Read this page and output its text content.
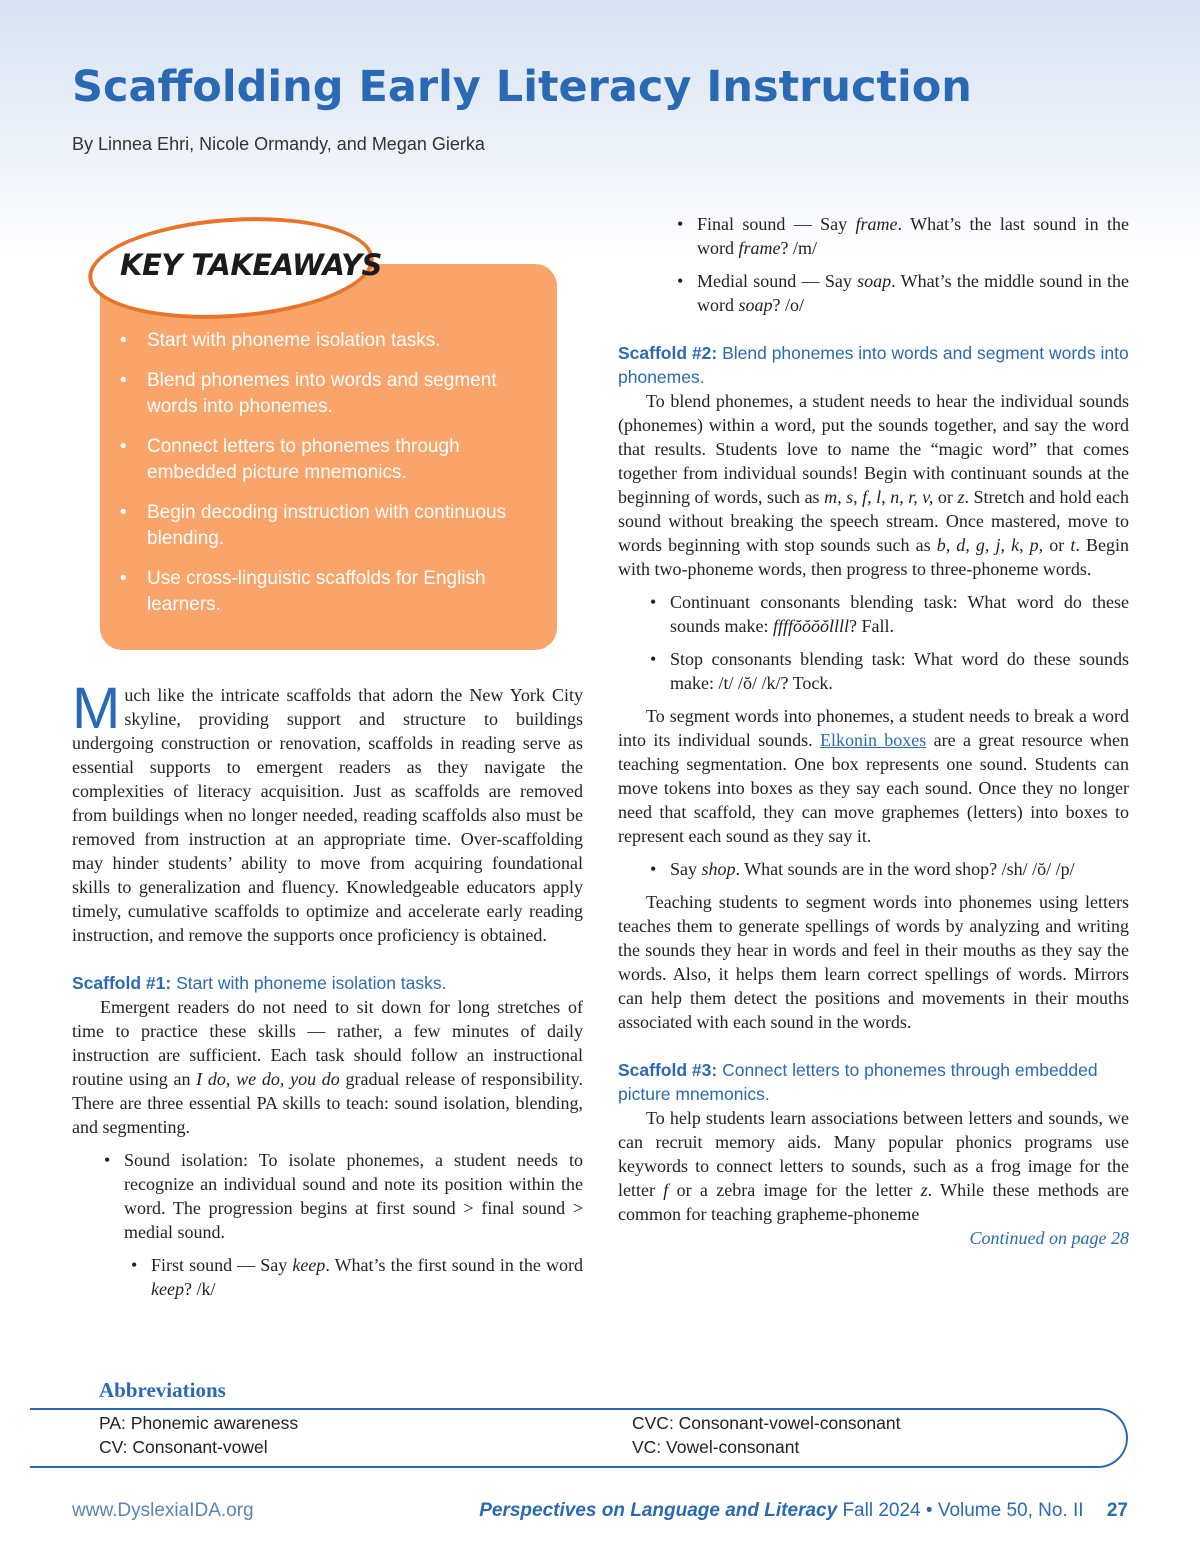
Scaffolding Early Literacy Instruction
By Linnea Ehri, Nicole Ormandy, and Megan Gierka
KEY TAKEAWAYS
• Start with phoneme isolation tasks.
• Blend phonemes into words and segment words into phonemes.
• Connect letters to phonemes through embedded picture mnemonics.
• Begin decoding instruction with continuous blending.
• Use cross-linguistic scaffolds for English learners.

Much like the intricate scaffolds that adorn the New York City skyline, providing support and structure to buildings undergoing construction or renovation, scaffolds in reading serve as essential supports to emergent readers as they navigate the complexities of literacy acquisition. Just as scaffolds are removed from buildings when no longer needed, reading scaffolds also must be removed from instruction at an appropriate time. Over-scaffolding may hinder students’ ability to move from acquiring foundational skills to generalization and fluency. Knowledgeable educators apply timely, cumulative scaffolds to optimize and accelerate early reading instruction, and remove the supports once proficiency is obtained.

Scaffold #1: Start with phoneme isolation tasks.

Emergent readers do not need to sit down for long stretches of time to practice these skills — rather, a few minutes of daily instruction are sufficient. Each task should follow an instructional routine using an I do, we do, you do gradual release of responsibility. There are three essential PA skills to teach: sound isolation, blending, and segmenting.

• Sound isolation: To isolate phonemes, a student needs to recognize an individual sound and note its position within the word. The progression begins at first sound > final sound > medial sound.
• First sound — Say keep. What’s the first sound in the word keep? /k/
• Final sound — Say frame. What’s the last sound in the word frame? /m/
• Medial sound — Say soap. What’s the middle sound in the word soap? /o/
Scaffold #2: Blend phonemes into words and segment words into phonemes.

To blend phonemes, a student needs to hear the individual sounds (phonemes) within a word, put the sounds together, and say the word that results. Students love to name the “magic word” that comes together from individual sounds! Begin with continuant sounds at the beginning of words, such as m, s, f, l, n, r, v, or z. Stretch and hold each sound without breaking the speech stream. Once mastered, move to words beginning with stop sounds such as b, d, g, j, k, p, or t. Begin with two-phoneme words, then progress to three-phoneme words.

• Continuant consonants blending task: What word do these sounds make: ffffŏŏŏŏllll? Fall.
• Stop consonants blending task: What word do these sounds make: /t/ /ŏ/ /k/? Tock.

To segment words into phonemes, a student needs to break a word into its individual sounds. Elkonin boxes are a great resource when teaching segmentation. One box represents one sound. Students can move tokens into boxes as they say each sound. Once they no longer need that scaffold, they can move graphemes (letters) into boxes to represent each sound as they say it.

• Say shop. What sounds are in the word shop? /sh/ /ŏ/ /p/

Teaching students to segment words into phonemes using letters teaches them to generate spellings of words by analyzing and writing the sounds they hear in words and feel in their mouths as they say the words. Also, it helps them learn correct spellings of words. Mirrors can help them detect the positions and movements in their mouths associated with each sound in the words.

Scaffold #3: Connect letters to phonemes through embedded picture mnemonics.

To help students learn associations between letters and sounds, we can recruit memory aids. Many popular phonics programs use keywords to connect letters to sounds, such as a frog image for the letter f or a zebra image for the letter z. While these methods are common for teaching grapheme-phoneme

Continued on page 28
Abbreviations
PA: Phonemic awareness
CV: Consonant-vowel
CVC: Consonant-vowel-consonant
VC: Vowel-consonant
www.DyslexiaIDA.org	Perspectives on Language and Literacy Fall 2024 • Volume 50, No. II 27
